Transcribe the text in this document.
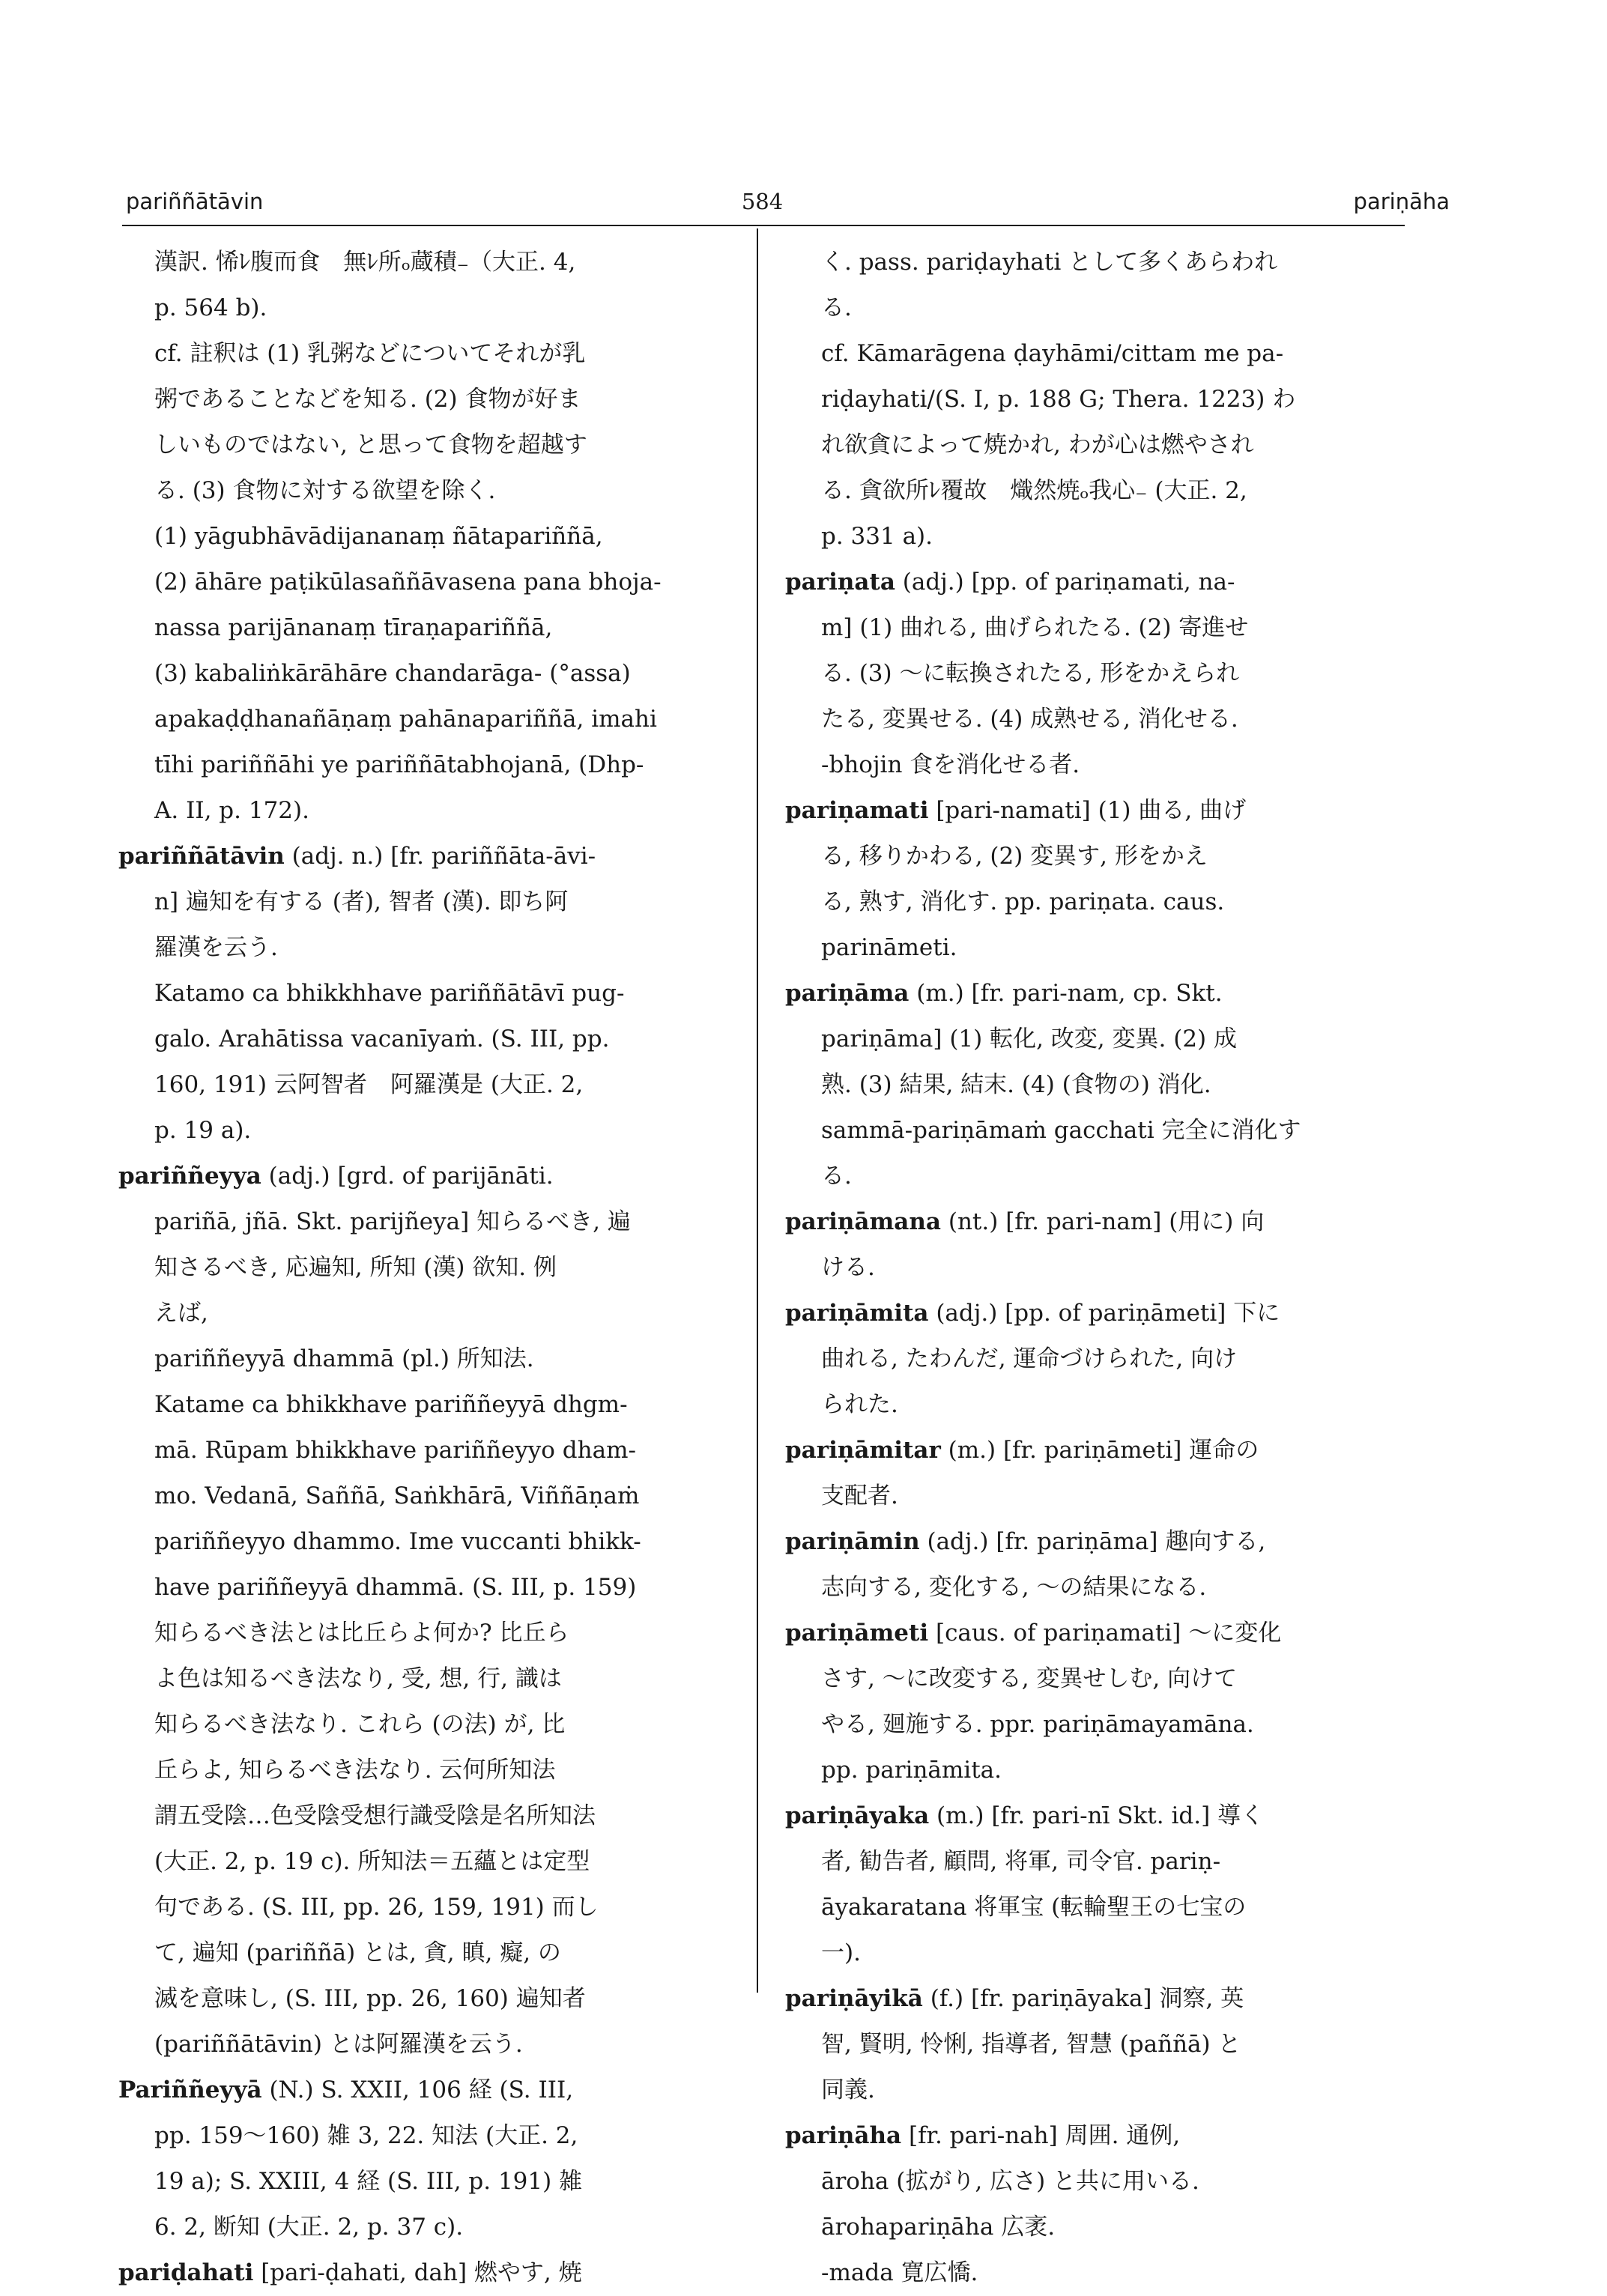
pariññātāvin	584	pariṇāha
漢訳. 悕ﾚ腹而食　無ﾚ所ₒ蔵積₋（大正. 4,
p. 564 b).
cf. 註釈は (1) 乳粥などについてそれが乳
粥であることなどを知る. (2) 食物が好ま
しいものではない, と思って食物を超越す
る. (3) 食物に対する欲望を除く.
(1) yāgubhāvādijananaṃ ñātapariññā,
(2) āhāre paṭikūlasaññāvasena pana bhoja-
nassa parijānanaṃ tīraṇapariññā,
(3) kabaliṅkārāhāre chandarāga- (°assa)
apakaḍḍhanañāṇaṃ pahānapariññā, imahi
tīhi pariññāhi ye pariññātabhojanā, (Dhp-
A. II, p. 172).
pariññātāvin (adj. n.) [fr. pariññāta-āvi-
n] 遍知を有する (者), 智者 (漢). 即ち阿
羅漢を云う.
Katamo ca bhikkhhave pariññātāvī pug-
galo. Arahātissa vacanīyaṁ. (S. III, pp.
160, 191) 云阿智者　阿羅漢是 (大正. 2,
p. 19 a).
pariññeyya (adj.) [grd. of parijānāti.
pariñā, jñā. Skt. parijñeya] 知らるべき, 遍
知さるべき, 応遍知, 所知 (漢) 欲知. 例
えば,
pariññeyyā dhammā (pl.) 所知法.
Katame ca bhikkhave pariññeyyā dhgm-
mā. Rūpam bhikkhave pariññeyyo dham-
mo. Vedanā, Saññā, Saṅkhārā, Viññāṇaṁ
pariññeyyo dhammo. Ime vuccanti bhikk-
have pariññeyyā dhammā. (S. III, p. 159)
知らるべき法とは比丘らよ何か? 比丘ら
よ色は知るべき法なり, 受, 想, 行, 識は
知らるべき法なり. これら (の法) が, 比
丘らよ, 知らるべき法なり. 云何所知法
謂五受陰…色受陰受想行識受陰是名所知法
(大正. 2, p. 19 c). 所知法＝五蘊とは定型
句である. (S. III, pp. 26, 159, 191) 而し
て, 遍知 (pariññā) とは, 貪, 瞋, 癡, の
滅を意味し, (S. III, pp. 26, 160) 遍知者
(pariññātāvin) とは阿羅漢を云う.
Pariññeyyā (N.) S. XXII, 106 経 (S. III,
pp. 159〜160) 雑 3, 22. 知法 (大正. 2,
19 a); S. XXIII, 4 経 (S. III, p. 191) 雑
6. 2, 断知 (大正. 2, p. 37 c).
pariḍahati [pari-ḍahati, dah] 燃やす, 焼
く. pass. pariḍayhati として多くあらわれ
る.
cf. Kāmarāgena ḍayhāmi/cittam me pa-
riḍayhati/(S. I, p. 188 G; Thera. 1223) わ
れ欲貪によって焼かれ, わが心は燃やされ
る. 貪欲所ﾚ覆故　熾然焼ₒ我心₋ (大正. 2,
p. 331 a).
pariṇata (adj.) [pp. of pariṇamati, na-
m] (1) 曲れる, 曲げられたる. (2) 寄進せ
る. (3) 〜に転換されたる, 形をかえられ
たる, 変異せる. (4) 成熟せる, 消化せる.
-bhojin 食を消化せる者.
pariṇamati [pari-namati] (1) 曲る, 曲げ
る, 移りかわる, (2) 変異す, 形をかえ
る, 熟す, 消化す. pp. pariṇata. caus.
parināmeti.
pariṇāma (m.) [fr. pari-nam, cp. Skt.
pariṇāma] (1) 転化, 改変, 変異. (2) 成
熟. (3) 結果, 結末. (4) (食物の) 消化.
sammā-pariṇāmaṁ gacchati 完全に消化す
る.
pariṇāmana (nt.) [fr. pari-nam] (用に) 向
ける.
pariṇāmita (adj.) [pp. of pariṇāmeti] 下に
曲れる, たわんだ, 運命づけられた, 向け
られた.
pariṇāmitar (m.) [fr. pariṇāmeti] 運命の
支配者.
pariṇāmin (adj.) [fr. pariṇāma] 趣向する,
志向する, 変化する, 〜の結果になる.
pariṇāmeti [caus. of pariṇamati] 〜に変化
さす, 〜に改変する, 変異せしむ, 向けて
やる, 廻施する. ppr. pariṇāmayamāna.
pp. pariṇāmita.
pariṇāyaka (m.) [fr. pari-nī Skt. id.] 導く
者, 勧告者, 顧問, 将軍, 司令官. pariṇ-
āyakaratana 将軍宝 (転輪聖王の七宝の
一).
pariṇāyikā (f.) [fr. pariṇāyaka] 洞察, 英
智, 賢明, 怜悧, 指導者, 智慧 (paññā) と
同義.
pariṇāha [fr. pari-nah] 周囲. 通例,
āroha (拡がり, 広さ) と共に用いる.
ārohapariṇāha 広袤.
-mada 寛広憍.
